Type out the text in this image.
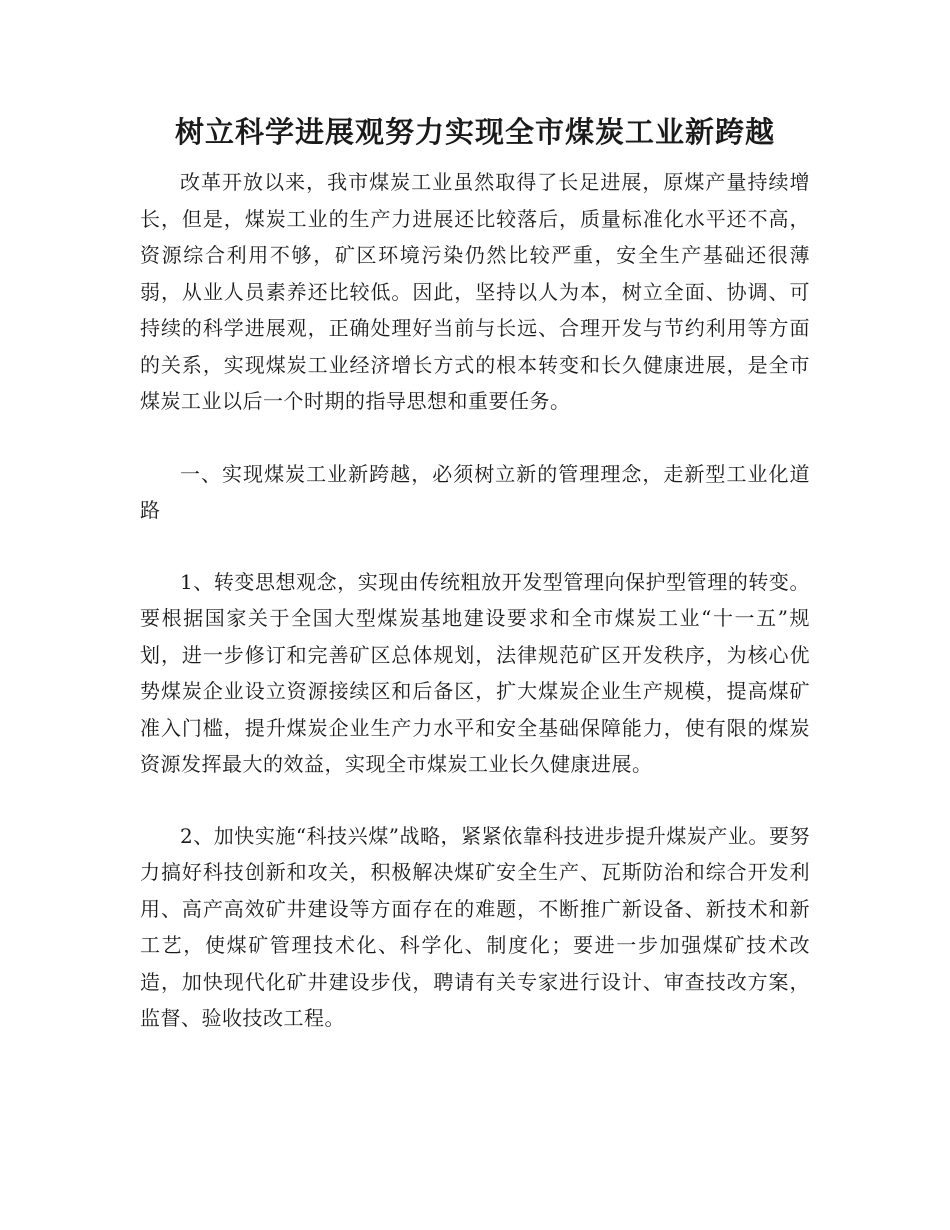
树立科学进展观努力实现全市煤炭工业新跨越

改革开放以来，我市煤炭工业虽然取得了长足进展，原煤产量持续增长，但是，煤炭工业的生产力进展还比较落后，质量标准化水平还不高，资源综合利用不够，矿区环境污染仍然比较严重，安全生产基础还很薄弱，从业人员素养还比较低。因此，坚持以人为本，树立全面、协调、可持续的科学进展观，正确处理好当前与长远、合理开发与节约利用等方面的关系，实现煤炭工业经济增长方式的根本转变和长久健康进展，是全市煤炭工业以后一个时期的指导思想和重要任务。

一、实现煤炭工业新跨越，必须树立新的管理理念，走新型工业化道路

1、转变思想观念，实现由传统粗放开发型管理向保护型管理的转变。要根据国家关于全国大型煤炭基地建设要求和全市煤炭工业“十一五”规划，进一步修订和完善矿区总体规划，法律规范矿区开发秩序，为核心优势煤炭企业设立资源接续区和后备区，扩大煤炭企业生产规模，提高煤矿准入门槛，提升煤炭企业生产力水平和安全基础保障能力，使有限的煤炭资源发挥最大的效益，实现全市煤炭工业长久健康进展。

2、加快实施“科技兴煤”战略，紧紧依靠科技进步提升煤炭产业。要努力搞好科技创新和攻关，积极解决煤矿安全生产、瓦斯防治和综合开发利用、高产高效矿井建设等方面存在的难题，不断推广新设备、新技术和新工艺，使煤矿管理技术化、科学化、制度化；要进一步加强煤矿技术改造，加快现代化矿井建设步伐，聘请有关专家进行设计、审查技改方案，监督、验收技改工程。
